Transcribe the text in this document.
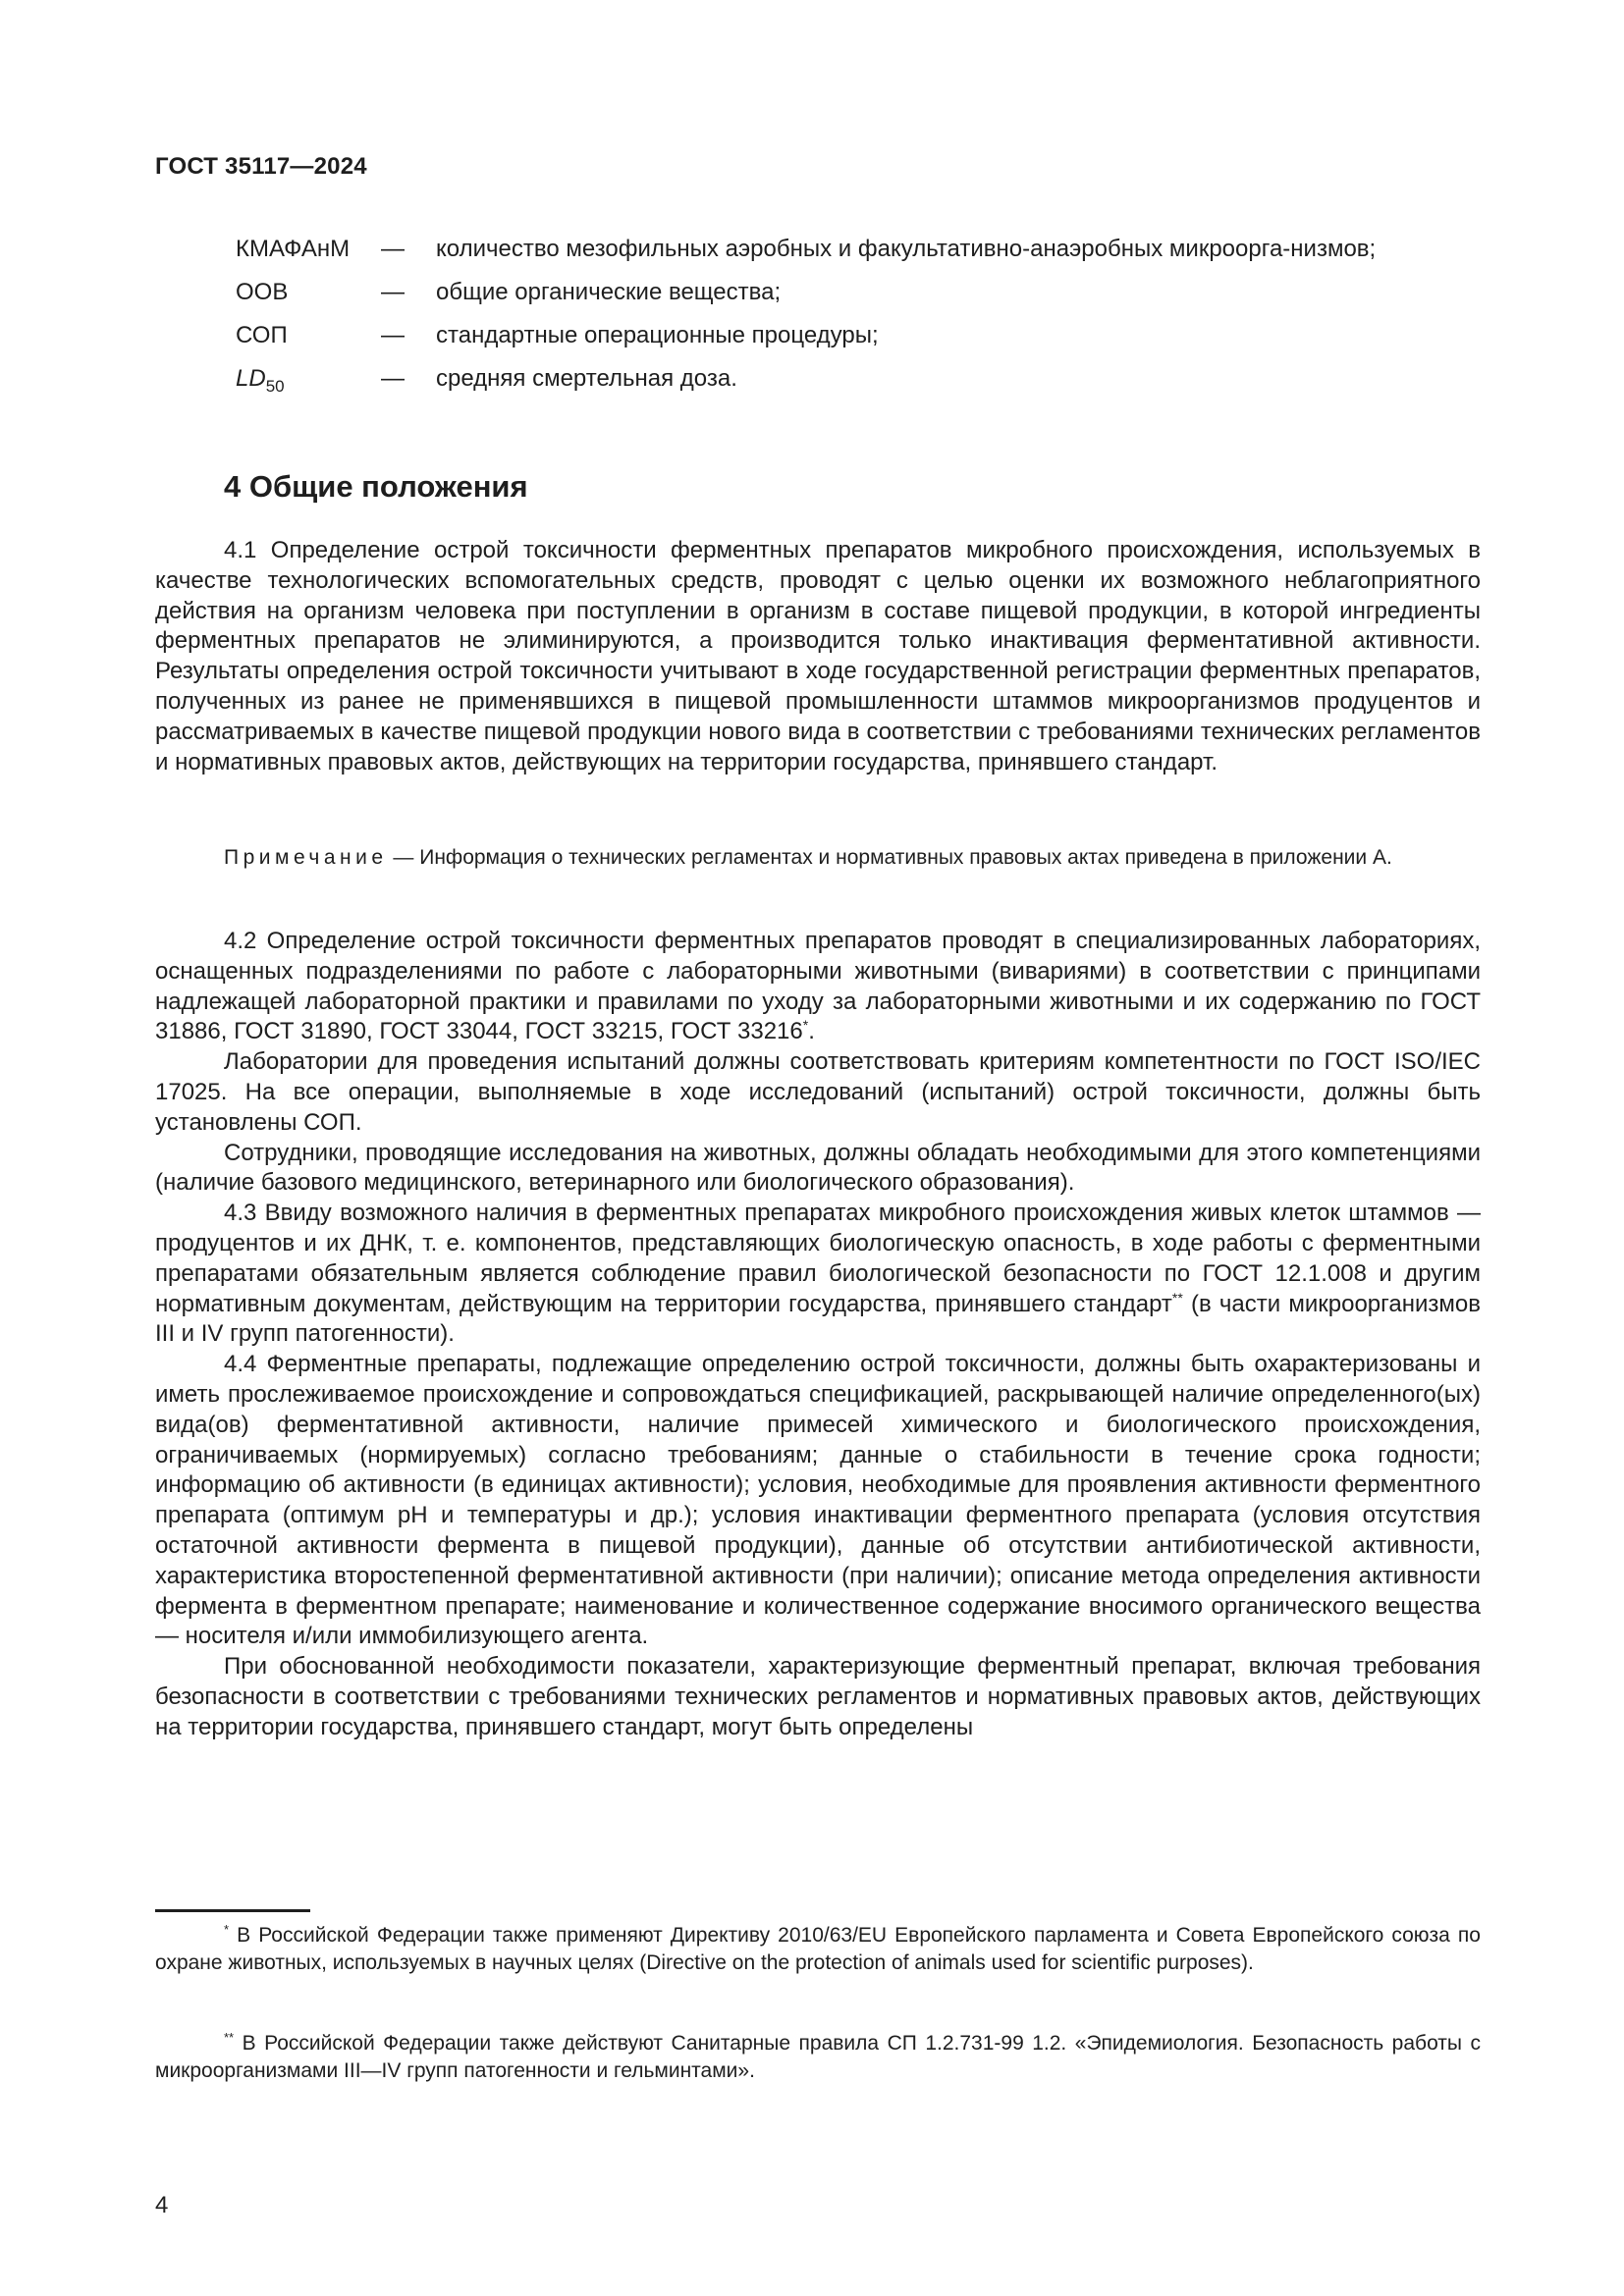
ГОСТ 35117—2024
КМАФАнМ	—	количество мезофильных аэробных и факультативно-анаэробных микроорга-низмов;
ООВ	—	общие органические вещества;
СОП	—	стандартные операционные процедуры;
$LD_{50}$	—	средняя смертельная доза.
4 Общие положения

4.1 Определение острой токсичности ферментных препаратов микробного происхождения, используемых в качестве технологических вспомогательных средств, проводят с целью оценки их возможного неблагоприятного действия на организм человека при поступлении в организм в составе пищевой продукции, в которой ингредиенты ферментных препаратов не элиминируются, а производится только инактивация ферментативной активности. Результаты определения острой токсичности учитывают в ходе государственной регистрации ферментных препаратов, полученных из ранее не применявшихся в пищевой промышленности штаммов микроорганизмов продуцентов и рассматриваемых в качестве пищевой продукции нового вида в соответствии с требованиями технических регламентов и нормативных правовых актов, действующих на территории государства, принявшего стандарт.

Примечание — Информация о технических регламентах и нормативных правовых актах приведена в приложении А.

4.2 Определение острой токсичности ферментных препаратов проводят в специализированных лабораториях, оснащенных подразделениями по работе с лабораторными животными (вивариями) в соответствии с принципами надлежащей лабораторной практики и правилами по уходу за лабораторными животными и их содержанию по ГОСТ 31886, ГОСТ 31890, ГОСТ 33044, ГОСТ 33215, ГОСТ 33216*.

Лаборатории для проведения испытаний должны соответствовать критериям компетентности по ГОСТ ISO/IEC 17025. На все операции, выполняемые в ходе исследований (испытаний) острой токсичности, должны быть установлены СОП.

Сотрудники, проводящие исследования на животных, должны обладать необходимыми для этого компетенциями (наличие базового медицинского, ветеринарного или биологического образования).

4.3 Ввиду возможного наличия в ферментных препаратах микробного происхождения живых клеток штаммов — продуцентов и их ДНК, т. е. компонентов, представляющих биологическую опасность, в ходе работы с ферментными препаратами обязательным является соблюдение правил биологической безопасности по ГОСТ 12.1.008 и другим нормативным документам, действующим на территории государства, принявшего стандарт** (в части микроорганизмов III и IV групп патогенности).

4.4 Ферментные препараты, подлежащие определению острой токсичности, должны быть охарактеризованы и иметь прослеживаемое происхождение и сопровождаться спецификацией, раскрывающей наличие определенного(ых) вида(ов) ферментативной активности, наличие примесей химического и биологического происхождения, ограничиваемых (нормируемых) согласно требованиям; данные о стабильности в течение срока годности; информацию об активности (в единицах активности); условия, необходимые для проявления активности ферментного препарата (оптимум pH и температуры и др.); условия инактивации ферментного препарата (условия отсутствия остаточной активности фермента в пищевой продукции), данные об отсутствии антибиотической активности, характеристика второстепенной ферментативной активности (при наличии); описание метода определения активности фермента в ферментном препарате; наименование и количественное содержание вносимого органического вещества — носителя и/или иммобилизующего агента.

При обоснованной необходимости показатели, характеризующие ферментный препарат, включая требования безопасности в соответствии с требованиями технических регламентов и нормативных правовых актов, действующих на территории государства, принявшего стандарт, могут быть определены

* В Российской Федерации также применяют Директиву 2010/63/EU Европейского парламента и Совета Европейского союза по охране животных, используемых в научных целях (Directive on the protection of animals used for scientific purposes).
** В Российской Федерации также действуют Санитарные правила СП 1.2.731-99 1.2. «Эпидемиология. Безопасность работы с микроорганизмами III—IV групп патогенности и гельминтами».
4
